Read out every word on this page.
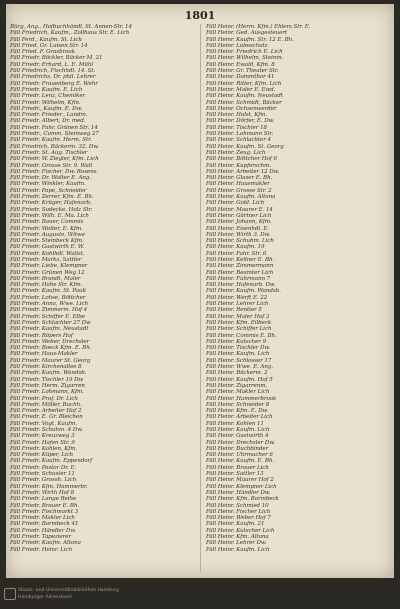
1801
Bürg, Ang., Hofbuchhändl. St. Annen-Str. 14
Fäll Friedrich, Kaufm., Zollhaus Str. E. Lich
Fäll Ferd., Kaufm. St. Lich
Fäll Fried. Gr. Luisen Str. 14
Fäll Fried. F. Grasbrook
Fäll Friedr. Böckler, Bäcker M. 21
Fäll Friedr. Erhard, L. E. Mühl
Fäll Friedrich, Fischhdl. 14. St.
Fäll Friedrichs, Dr. phil. Lehrer
Fäll Friedr. Frauenberg E. Wehr
Fäll Friedr. Kaufm. E. Lich
Fäll Friedr. Lenz, Chemiker
Fäll Friedr. Wilhelm, Kfm.
Fäll Friedr., Kaufm. E. Dw.
Fäll Friedr. Frieder., Landm.
Fäll Friedr. Albert, Dr. med.
Fäll Friedr. Fahr. Grünen Str. 14
Fäll Friedr., Comm. Steinweg 27
Fäll Friedr. Kaufm. Herm. Str.
Fäll Friedrich, Bäckerm. 32. Dw.
Fäll Friedr. St. Aug. Tischler
Fäll Friedr. W. Ziegler, Kfm. Lich
Fäll Friedr. Grosse Str. 9. Wall
Fäll Friedr. Fischer, Dw. Rosens.
Fäll Friedr. Dr. Walter E. Ang.
Fäll Friedr. Winkler, Kaufm.
Fäll Friedr. Pape, Schneider
Fäll Friedr. Zerrer, Kfm. E. Bh.
Fäll Friedr. Krüger, Hafenarb.
Fäll Friedr. Sudecke, Holz Str.
Fäll Friedr. Wilh. E. Ma. Lich
Fäll Friedr. Bauer, Commis
Fäll Friedr. Wolter, E. Kfm.
Fäll Friedr. Auguste, Witwe
Fäll Friedr. Steinbeck Kfm.
Fäll Friedr. Gastwirth E. W.
Fäll Friedr. Kohlhdl. Wallst.
Fäll Friedr. Marks, Sattler
Fäll Friedr. Liebe, Klempner
Fäll Friedr. Grünen Weg 12
Fäll Friedr. Brandt, Maler
Fäll Friedr. Hohe Str. Kfm.
Fäll Friedr. Kaufm. St. Pauli
Fäll Friedr. Lohse, Böttcher
Fäll Friedr. Anna, Wwe. Lich
Fäll Friedr. Zimmerm. Hof 4
Fäll Friedr. Schiffer E. Elbe
Fäll Friedr. Schlachter 27 Dw
Fäll Friedr. Kaufm. Neustadt
Fäll Friedr. Röpers Hof
Fäll Friedr. Weber, Drechsler
Fäll Friedr. Boeck Kfm. E. Bh.
Fäll Friedr. Haus-Makler
Fäll Friedr. Maurer St. Georg
Fäll Friedr. Kirchenallee 8
Fäll Friedr. Kaufm. Wandsb.
Fäll Friedr. Tischler 19 Dw
Fäll Friedr. Herm. Zigarren
Fäll Friedr. Lohmann, Kfm.
Fäll Friedr. Prof. Dr. Lich
Fäll Friedr. Möller, Buchh.
Fäll Friedr. Arbeiter Hof 2
Fäll Friedr. E. Gr. Bleichen
Fäll Friedr. Vogt, Kaufm.
Fäll Friedr. Schuhm. 4 Dw.
Fäll Friedr. Kreuzweg 3
Fäll Friedr. Hafen Str. 9
Fäll Friedr. Kohlen, Kfm.
Fäll Friedr. Küper, Lich
Fäll Friedr. Kaufm. Eppendorf
Fäll Friedr. Pastor Dr. E.
Fäll Friedr. Schuster 11
Fäll Friedr. Grossh. Lich
Fäll Friedr. Kfm. Hammerbr.
Fäll Friedr. Wirth Hof 8
Fäll Friedr. Lange Reihe
Fäll Friedr. Brauer E. Bh.
Fäll Friedr. Fischmarkt 3
Fäll Friedr. Makler Lich
Fäll Friedr. Barmbeck 41
Fäll Friedr. Händler Dw.
Fäll Friedr. Tapezierer
Fäll Friedr. Kaufm. Altona
Fäll Friedr. Heinr. Lich
Fäll Heinr. (Herm. Kfm.) Ehlers Str. E.
Fäll Heinr. Ged. Ausgesteuert
Fäll Heinr. Kaufm. Str. 12 E. Bh.
Fäll Heinr. Lobeschutz
Fäll Heinr. Friedrich E. Lich
Fäll Heinr. Wilhelm, Steinm.
Fäll Heinr. Ewald, Kfm. 8
Fäll Heinr. Gr. Theater Str.
Fäll Heinr. Dammthor 41
Fäll Heinr. Ritter, Kfm. Lich
Fäll Heinr. Maler E. Ewd.
Fäll Heinr. Kaufm. Neustadt
Fäll Heinr. Schmidt, Bäcker
Fäll Heinr. Ochsenwerder
Fäll Heinr. Holst, Kfm.
Fäll Heinr. Dörfer, E. Dw.
Fäll Heinr. Tischler 18
Fäll Heinr. Lohmann Str.
Fäll Heinr. Schlachter 4
Fäll Heinr. Kaufm. St. Georg
Fäll Heinr. Zeug. Lich
Fäll Heinr. Böttcher Hof 6
Fäll Heinr. Kupferschm.
Fäll Heinr. Arbeiter 12 Dw.
Fäll Heinr. Glaser E. Bh.
Fäll Heinr. Hausmakler
Fäll Heinr. Grosse Str. 2
Fäll Heinr. Kaufm. Altona
Fäll Heinr. Gold. Lich
Fäll Heinr. Maurer E. 14
Fäll Heinr. Gärtner Lich
Fäll Heinr. Johann, Kfm.
Fäll Heinr. Eisenhdl. E.
Fäll Heinr. Wirth 3. Dw.
Fäll Heinr. Schuhm. Lich
Fäll Heinr. Kaufm. 19
Fäll Heinr. Fahr. Str. 6
Fäll Heinr. Kellner E. Bh.
Fäll Heinr. Zimmermann
Fäll Heinr. Beamter Lich
Fäll Heinr. Fuhrmann 7
Fäll Heinr. Hafenarb. Dw.
Fäll Heinr. Kaufm. Wandsb.
Fäll Heinr. Werft E. 22
Fäll Heinr. Lehrer Lich
Fäll Heinr. Rentier 5
Fäll Heinr. Maler Hof 3
Fäll Heinr. Kfm. Eilbeck
Fäll Heinr. Schiffer Lich
Fäll Heinr. Commis E. Bh.
Fäll Heinr. Kutscher 9
Fäll Heinr. Tischler Dw.
Fäll Heinr. Kaufm. Lich
Fäll Heinr. Schlosser 17
Fäll Heinr. Wwe. E. Ang.
Fäll Heinr. Bäckerm. 2
Fäll Heinr. Kaufm. Hof 5
Fäll Heinr. Zigarrenm.
Fäll Heinr. Makler Lich
Fäll Heinr. Hammerbrook
Fäll Heinr. Schneider 8
Fäll Heinr. Kfm. E. Dw.
Fäll Heinr. Arbeiter Lich
Fäll Heinr. Kohlen 11
Fäll Heinr. Kaufm. Lich
Fäll Heinr. Gastwirth 4
Fäll Heinr. Drechsler Dw.
Fäll Heinr. Buchbinder
Fäll Heinr. Uhrmacher 6
Fäll Heinr. Kaufm. E. Bh.
Fäll Heinr. Brauer Lich
Fäll Heinr. Sattler 13
Fäll Heinr. Maurer Hof 2
Fäll Heinr. Klempner Lich
Fäll Heinr. Händler Dw.
Fäll Heinr. Kfm. Barmbeck
Fäll Heinr. Schmied 10
Fäll Heinr. Fischer Lich
Fäll Heinr. Weber Hof 7
Fäll Heinr. Kaufm. 21
Fäll Heinr. Kutscher Lich
Fäll Heinr. Kfm. Altona
Fäll Heinr. Lehrer Dw.
Fäll Heinr. Kaufm. Lich
Staats- und Universitätsbibliothek Hamburg
Hamburger Adressbuch
